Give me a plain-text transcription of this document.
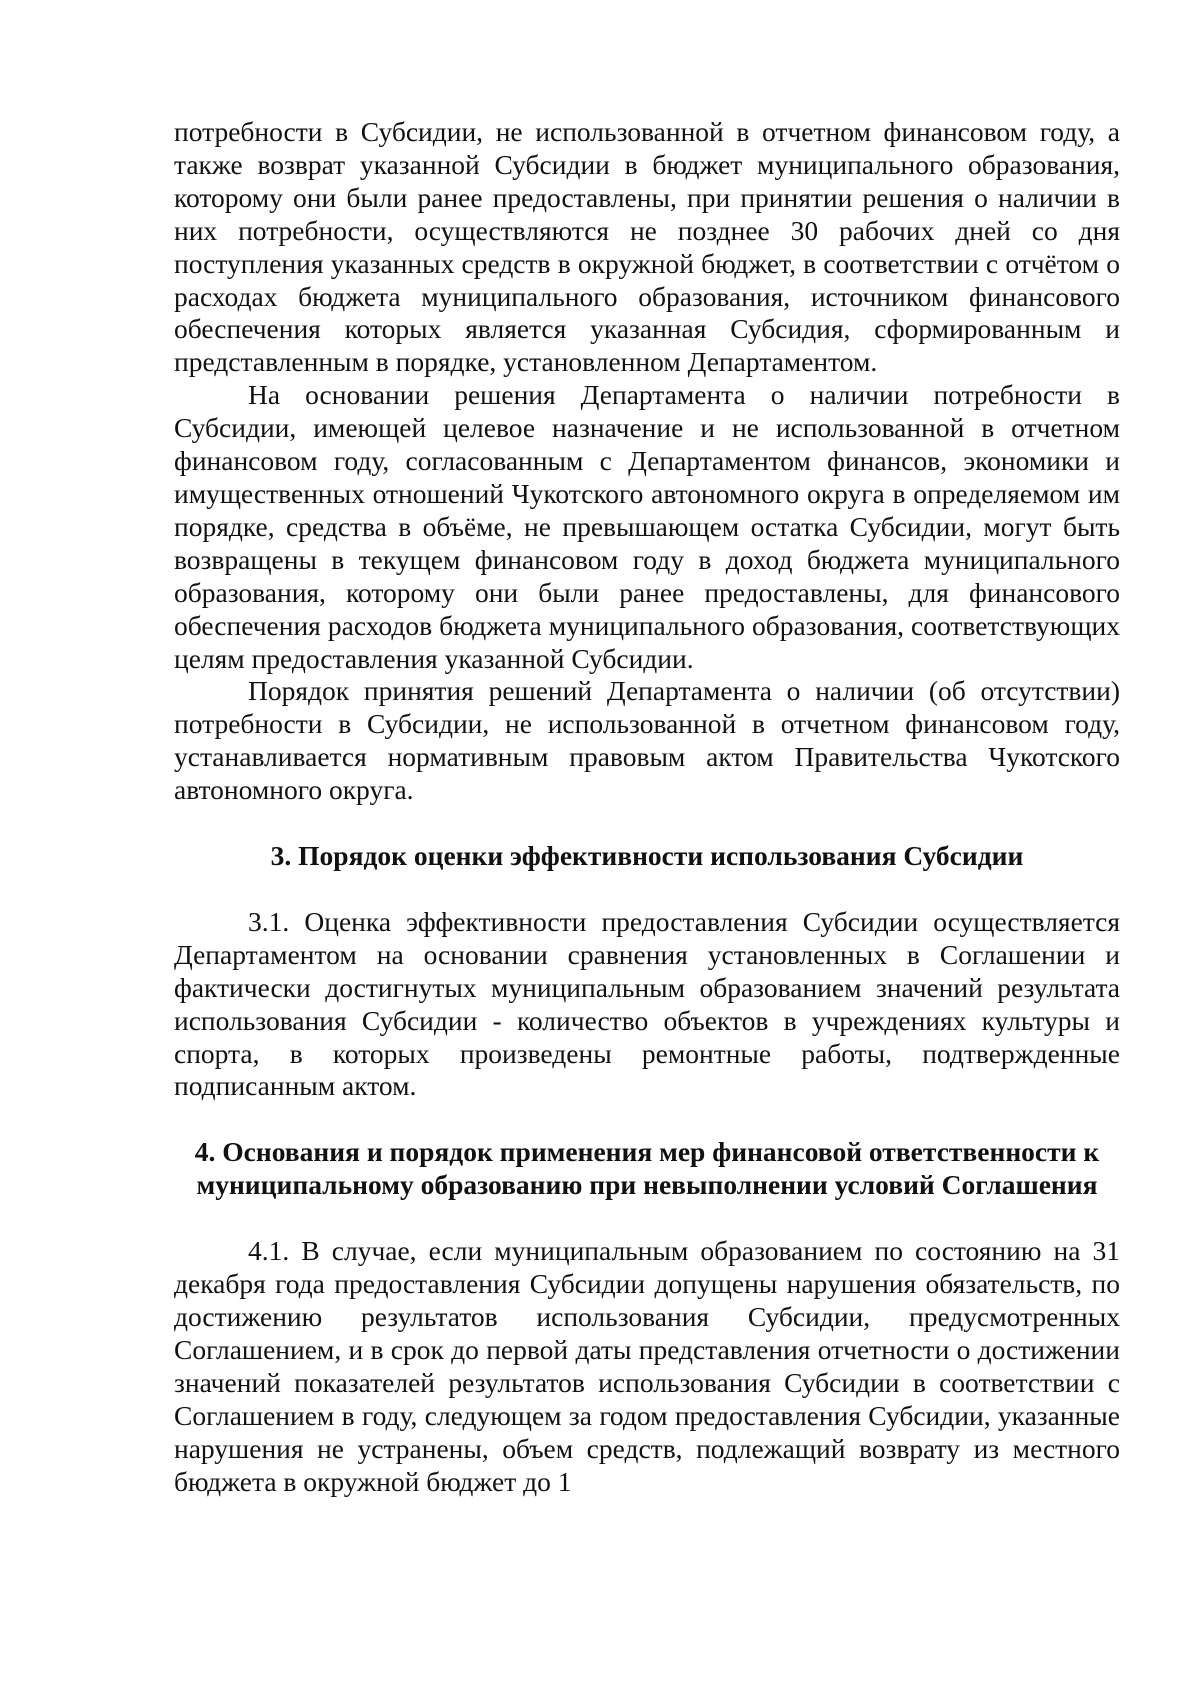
потребности в Субсидии, не использованной в отчетном финансовом году, а также возврат указанной Субсидии в бюджет муниципального образования, которому они были ранее предоставлены, при принятии решения о наличии в них потребности, осуществляются не позднее 30 рабочих дней со дня поступления указанных средств в окружной бюджет, в соответствии с отчётом о расходах бюджета муниципального образования, источником финансового обеспечения которых является указанная Субсидия, сформированным и представленным в порядке, установленном Департаментом.

На основании решения Департамента о наличии потребности в Субсидии, имеющей целевое назначение и не использованной в отчетном финансовом году, согласованным с Департаментом финансов, экономики и имущественных отношений Чукотского автономного округа в определяемом им порядке, средства в объёме, не превышающем остатка Субсидии, могут быть возвращены в текущем финансовом году в доход бюджета муниципального образования, которому они были ранее предоставлены, для финансового обеспечения расходов бюджета муниципального образования, соответствующих целям предоставления указанной Субсидии.

Порядок принятия решений Департамента о наличии (об отсутствии) потребности в Субсидии, не использованной в отчетном финансовом году, устанавливается нормативным правовым актом Правительства Чукотского автономного округа.

3. Порядок оценки эффективности использования Субсидии

3.1. Оценка эффективности предоставления Субсидии осуществляется Департаментом на основании сравнения установленных в Соглашении и фактически достигнутых муниципальным образованием значений результата использования Субсидии - количество объектов в учреждениях культуры и спорта, в которых произведены ремонтные работы, подтвержденные подписанным актом.

4. Основания и порядок применения мер финансовой ответственности к муниципальному образованию при невыполнении условий Соглашения

4.1. В случае, если муниципальным образованием по состоянию на 31 декабря года предоставления Субсидии допущены нарушения обязательств, по достижению результатов использования Субсидии, предусмотренных Соглашением, и в срок до первой даты представления отчетности о достижении значений показателей результатов использования Субсидии в соответствии с Соглашением в году, следующем за годом предоставления Субсидии, указанные нарушения не устранены, объем средств, подлежащий возврату из местного бюджета в окружной бюджет до 1
